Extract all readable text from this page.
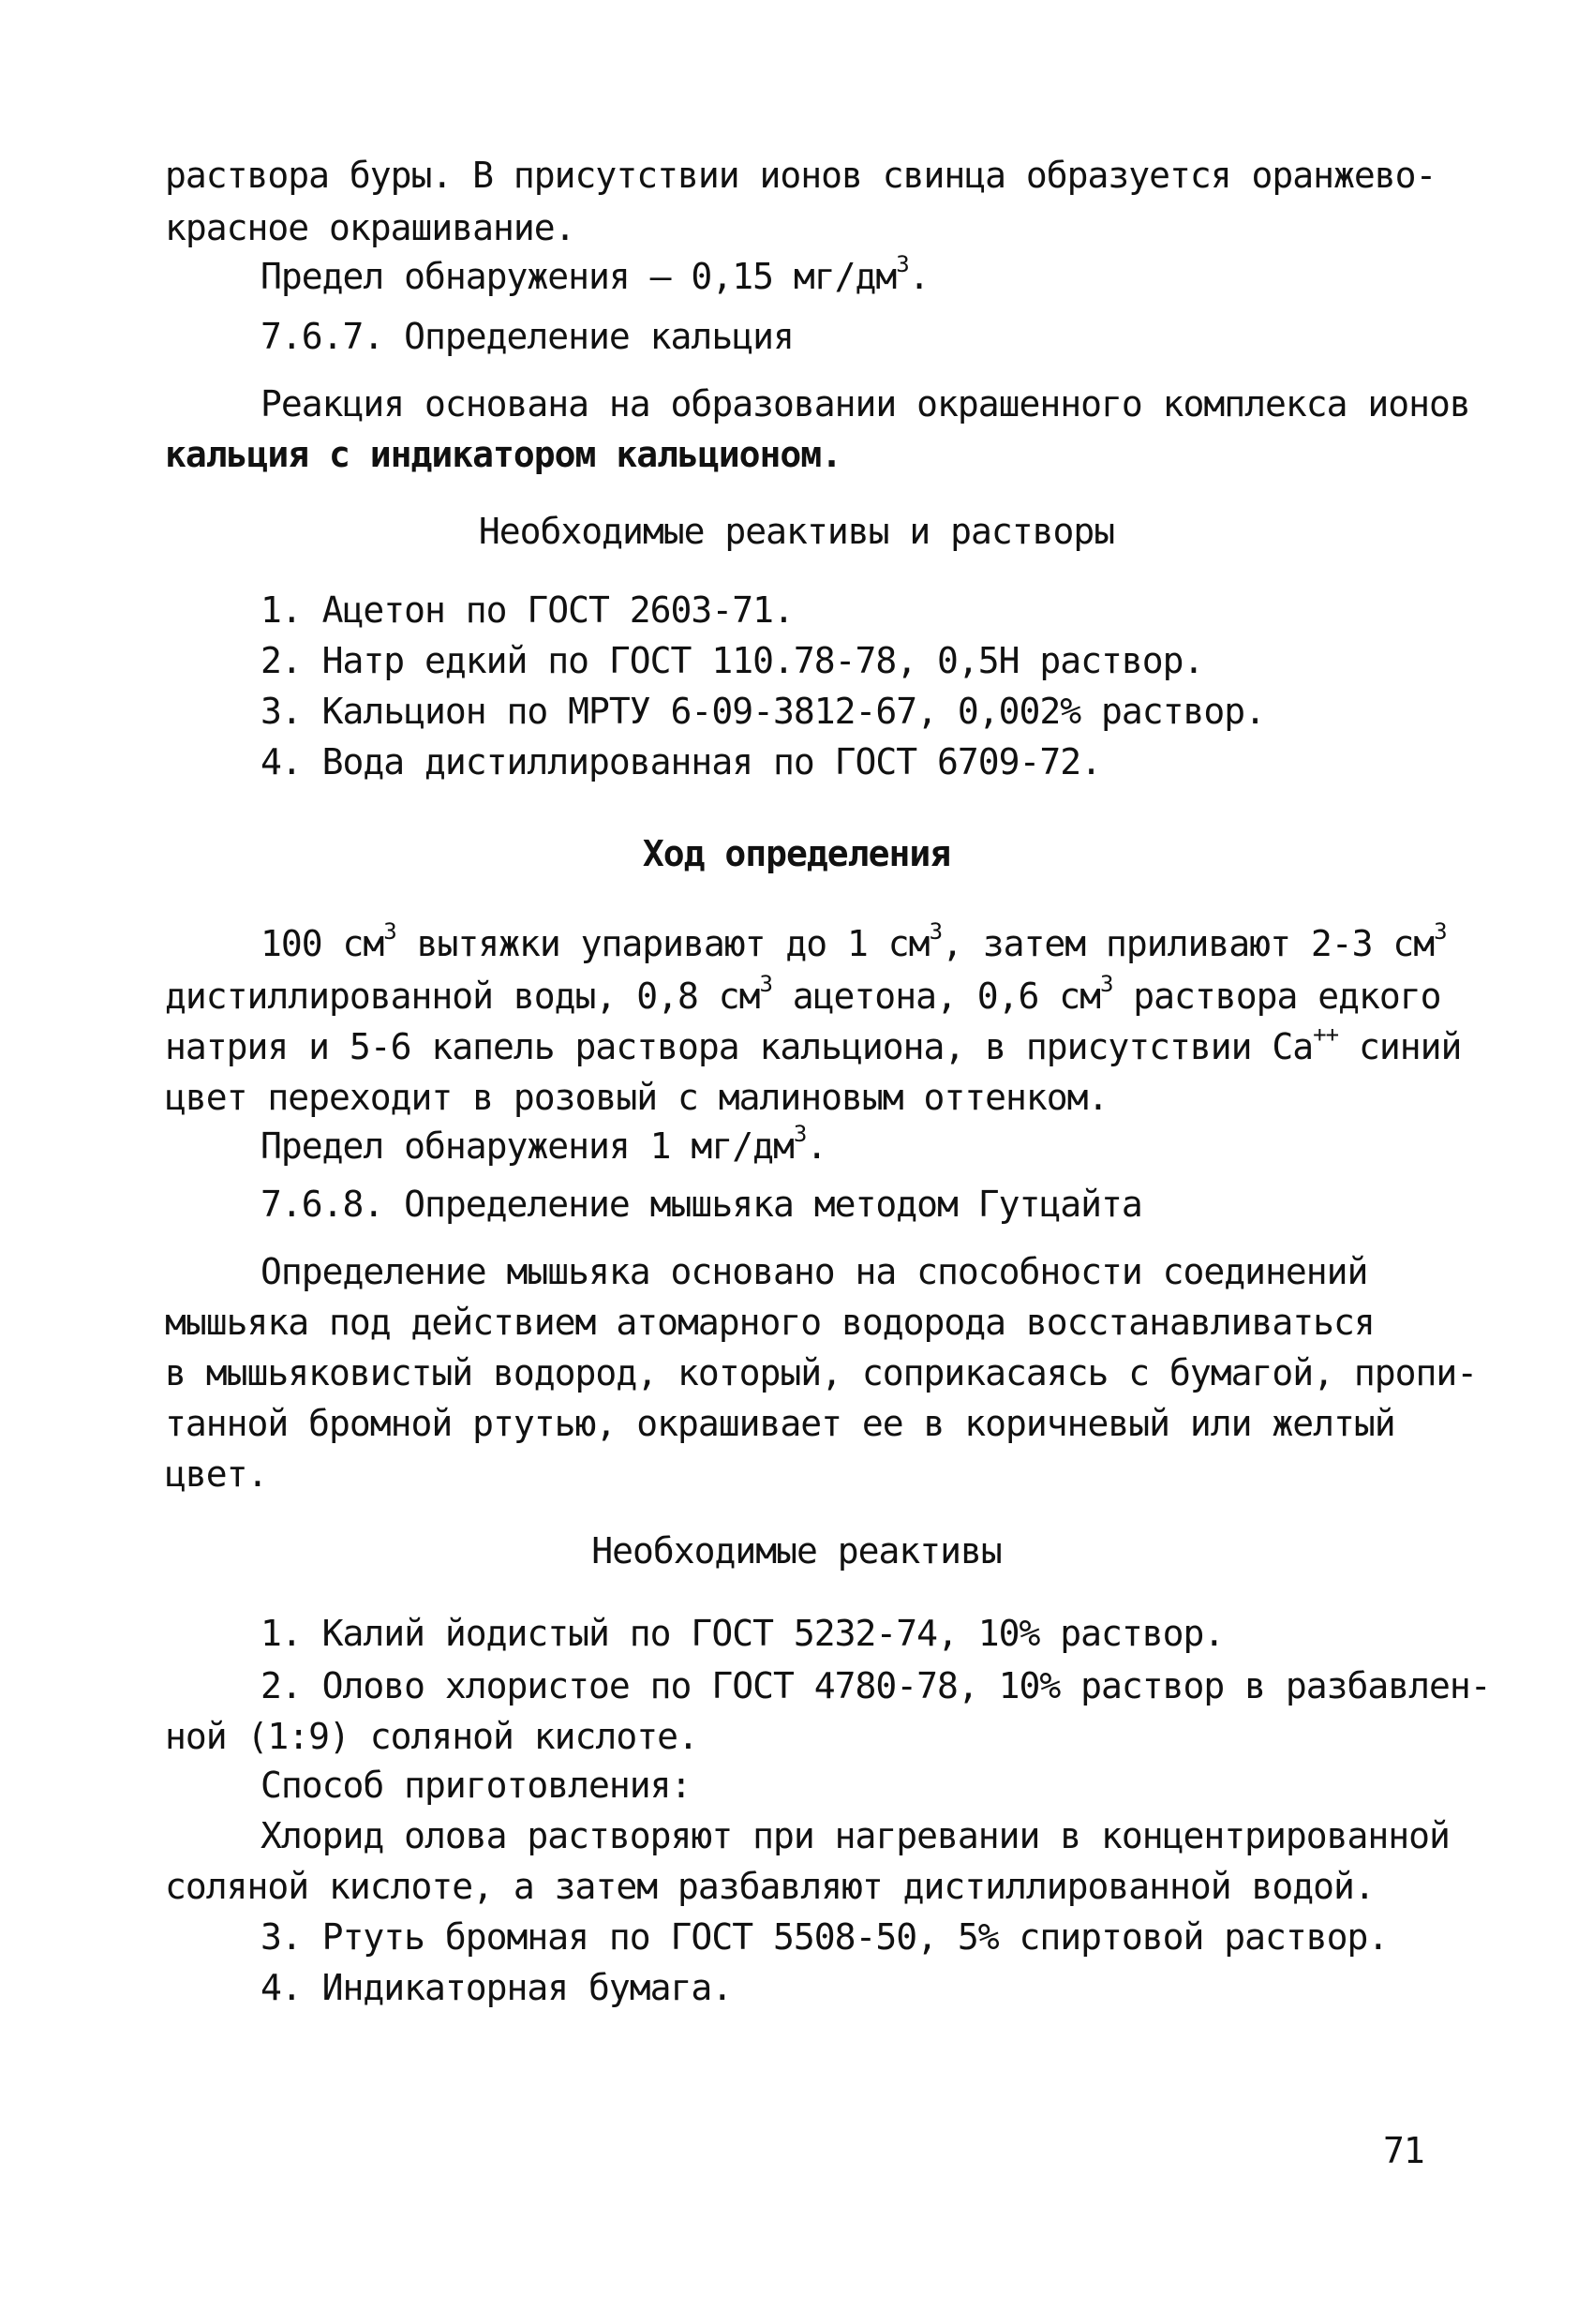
раствора буры. В присутствии ионов свинца образуется оранжево-
красное окрашивание.
Предел обнаружения – 0,15 $мг/дм^3$.
7.6.7. Определение кальция
Реакция основана на образовании окрашенного комплекса ионов
кальция с индикатором кальционом.
Необходимые реактивы и растворы
1. Ацетон по ГОСТ 2603-71.
2. Натр едкий по ГОСТ 110.78-78, 0,5Н раствор.
3. Кальцион по МРТУ 6-09-3812-67, 0,002% раствор.
4. Вода дистиллированная по ГОСТ 6709-72.
Ход определения
100 $см^3$ вытяжки упаривают до 1 $см^3$, затем приливают 2-3 $см^3$
дистиллированной воды, 0,8 $см^3$ ацетона, 0,6 $см^3$ раствора едкого
натрия и 5-6 капель раствора кальциона, в присутствии Са++ синий
цвет переходит в розовый с малиновым оттенком.
Предел обнаружения 1 $мг/дм^3$.
7.6.8. Определение мышьяка методом Гутцайта
Определение мышьяка основано на способности соединений
мышьяка под действием атомарного водорода восстанавливаться
в мышьяковистый водород, который, соприкасаясь с бумагой, пропи-
танной бромной ртутью, окрашивает ее в коричневый или желтый
цвет.
Необходимые реактивы
1. Калий йодистый по ГОСТ 5232-74, 10% раствор.
2. Олово хлористое по ГОСТ 4780-78, 10% раствор в разбавлен-
ной (1:9) соляной кислоте.
Способ приготовления:
Хлорид олова растворяют при нагревании в концентрированной
соляной кислоте, а затем разбавляют дистиллированной водой.
3. Ртуть бромная по ГОСТ 5508-50, 5% спиртовой раствор.
4. Индикаторная бумага.
71
